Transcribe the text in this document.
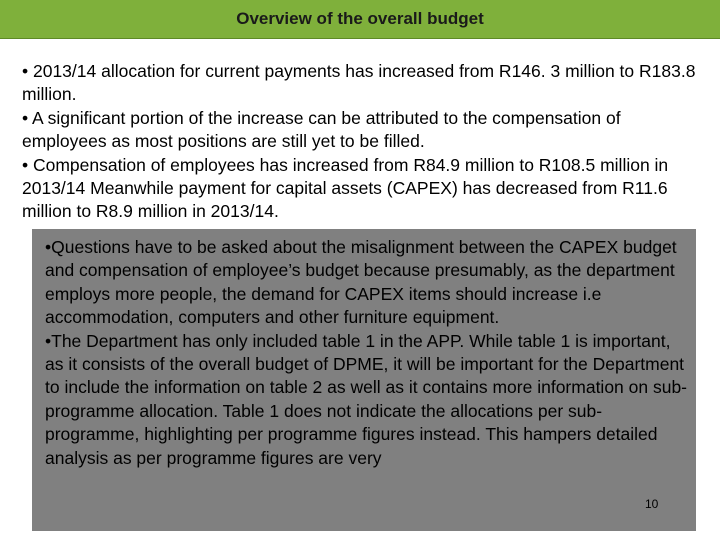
Overview of the overall budget

• 2013/14 allocation for current payments has increased from R146. 3 million to R183.8 million.

• A significant portion of the increase can be attributed to the compensation of employees as most positions are still yet to be filled.

• Compensation of employees has increased from R84.9 million to R108.5 million in 2013/14 Meanwhile payment for capital assets (CAPEX) has decreased from R11.6 million to R8.9 million in 2013/14.

•Questions have to be asked about the misalignment between the CAPEX budget and compensation of employee’s budget because presumably, as the department employs more people, the demand for CAPEX items should increase i.e accommodation, computers and other furniture equipment.

•The Department has only included table 1 in the APP. While table 1 is important, as it consists of the overall budget of DPME, it will be important for the Department to include the information on table 2 as well as it contains more information on sub-programme allocation. Table 1 does not indicate the allocations per sub-programme, highlighting per programme figures instead. This hampers detailed analysis as per programme figures are very

10
